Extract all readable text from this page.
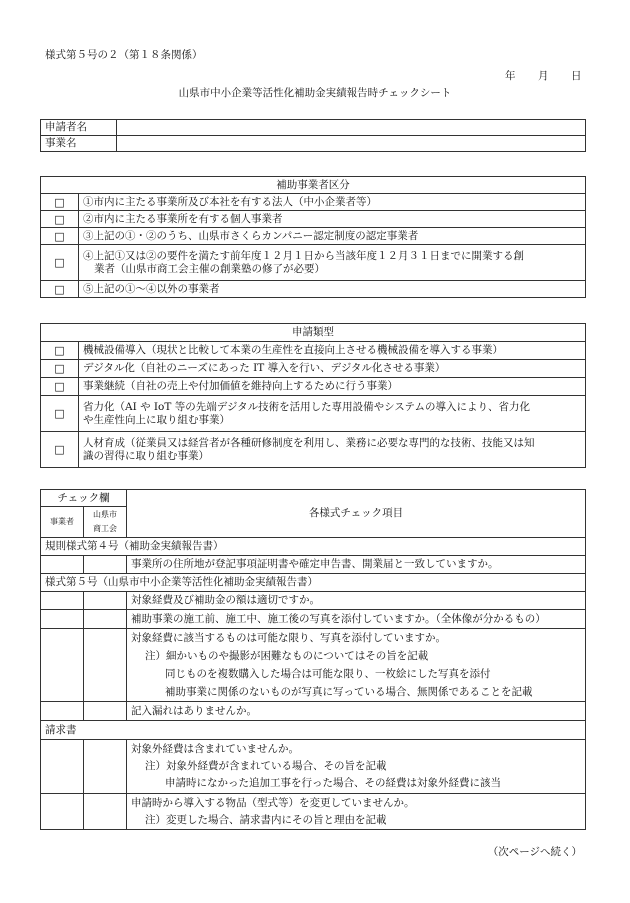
様式第５号の２（第１８条関係）
年 月 日
山県市中小企業等活性化補助金実績報告時チェックシート
申請者名	
事業名	
補助事業者区分	
□	①市内に主たる事業所及び本社を有する法人（中小企業者等）
□	②市内に主たる事業所を有する個人事業者
□	③上記の①・②のうち、山県市さくらカンパニー認定制度の認定事業者
□	④上記①又は②の要件を満たす前年度１２月１日から当該年度１２月３１日までに開業する創
業者（山県市商工会主催の創業塾の修了が必要）

□	⑤上記の①～④以外の事業者
申請類型	
□	機械設備導入（現状と比較して本業の生産性を直接向上させる機械設備を導入する事業）
□	デジタル化（自社のニーズにあった IT 導入を行い、デジタル化させる事業）
□	事業継続（自社の売上や付加価値を維持向上するために行う事業）
□	省力化（AI や IoT 等の先端デジタル技術を活用した専用設備やシステムの導入により、省力化
や生産性向上に取り組む事業）

□	人材育成（従業員又は経営者が各種研修制度を利用し、業務に必要な専門的な技術、技能又は知
識の習得に取り組む事業）
チェック欄		各様式チェック項目
事業者	山県市
商工会	

規則様式第４号（補助金実績報告書）		
		事業所の住所地が登記事項証明書や確定申告書、開業届と一致していますか。
様式第５号（山県市中小企業等活性化補助金実績報告書）		
		対象経費及び補助金の額は適切ですか。
		補助事業の施工前、施工中、施工後の写真を添付していますか。（全体像が分かるもの）

		対象経費に該当するものは可能な限り、写真を添付していますか。
注）細かいものや撮影が困難なものについてはその旨を記載
同じものを複数購入した場合は可能な限り、一枚絵にした写真を添付
補助事業に関係のないものが写真に写っている場合、無関係であることを記載

		記入漏れはありませんか。
請求書		

		対象外経費は含まれていませんか。
注）対象外経費が含まれている場合、その旨を記載
申請時になかった追加工事を行った場合、その経費は対象外経費に該当

		申請時から導入する物品（型式等）を変更していませんか。
注）変更した場合、請求書内にその旨と理由を記載
（次ページへ続く）
